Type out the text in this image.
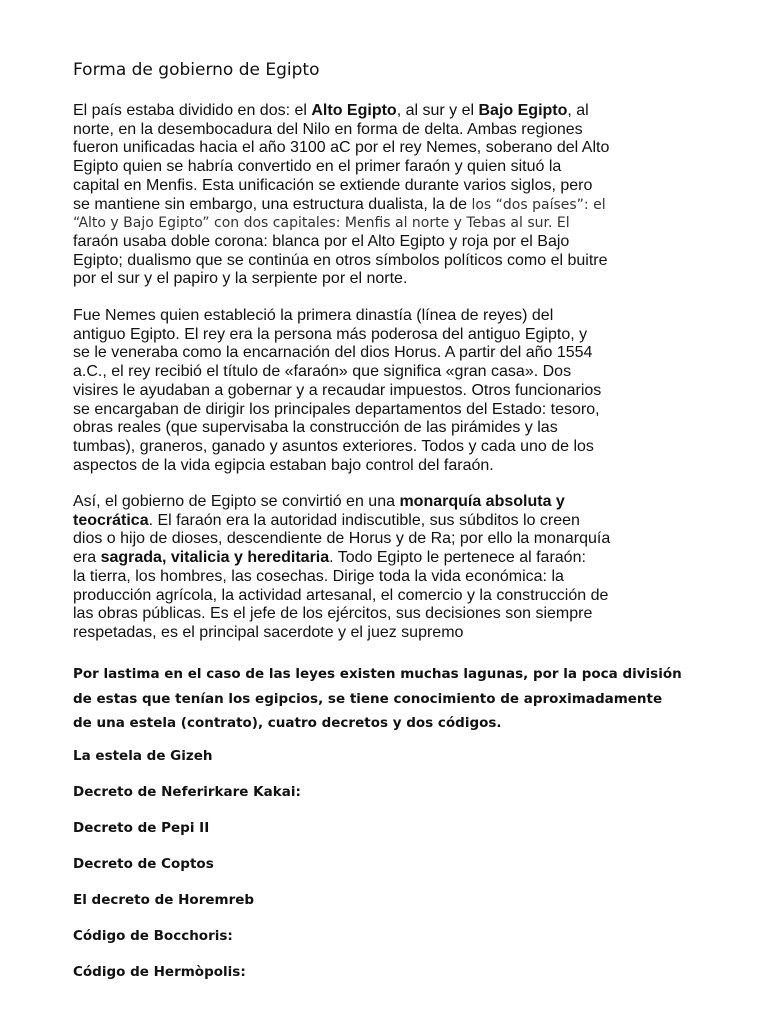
Forma de gobierno de Egipto

El país estaba dividido en dos: el Alto Egipto, al sur y el Bajo Egipto, al
norte, en la desembocadura del Nilo en forma de delta. Ambas regiones
fueron unificadas hacia el año 3100 aC por el rey Nemes, soberano del Alto
Egipto quien se habría convertido en el primer faraón y quien situó la
capital en Menfis. Esta unificación se extiende durante varios siglos, pero
se mantiene sin embargo, una estructura dualista, la de los “dos países”: el
“Alto y Bajo Egipto” con dos capitales: Menfis al norte y Tebas al sur. El
faraón usaba doble corona: blanca por el Alto Egipto y roja por el Bajo
Egipto; dualismo que se continúa en otros símbolos políticos como el buitre
por el sur y el papiro y la serpiente por el norte.

Fue Nemes quien estableció la primera dinastía (línea de reyes) del
antiguo Egipto. El rey era la persona más poderosa del antiguo Egipto, y
se le veneraba como la encarnación del dios Horus. A partir del año 1554
a.C., el rey recibió el título de «faraón» que significa «gran casa». Dos
visires le ayudaban a gobernar y a recaudar impuestos. Otros funcionarios
se encargaban de dirigir los principales departamentos del Estado: tesoro,
obras reales (que supervisaba la construcción de las pirámides y las
tumbas), graneros, ganado y asuntos exteriores. Todos y cada uno de los
aspectos de la vida egipcia estaban bajo control del faraón.

Así, el gobierno de Egipto se convirtió en una monarquía absoluta y
teocrática. El faraón era la autoridad indiscutible, sus súbditos lo creen
dios o hijo de dioses, descendiente de Horus y de Ra; por ello la monarquía
era sagrada, vitalicia y hereditaria. Todo Egipto le pertenece al faraón:
la tierra, los hombres, las cosechas. Dirige toda la vida económica: la
producción agrícola, la actividad artesanal, el comercio y la construcción de
las obras públicas. Es el jefe de los ejércitos, sus decisiones son siempre
respetadas, es el principal sacerdote y el juez supremo

Por lastima en el caso de las leyes existen muchas lagunas, por la poca división
de estas que tenían los egipcios, se tiene conocimiento de aproximadamente
de una estela (contrato), cuatro decretos y dos códigos.

La estela de Gizeh
Decreto de Neferirkare Kakai:
Decreto de Pepi II
Decreto de Coptos
El decreto de Horemreb
Código de Bocchoris:
Código de Hermòpolis:
